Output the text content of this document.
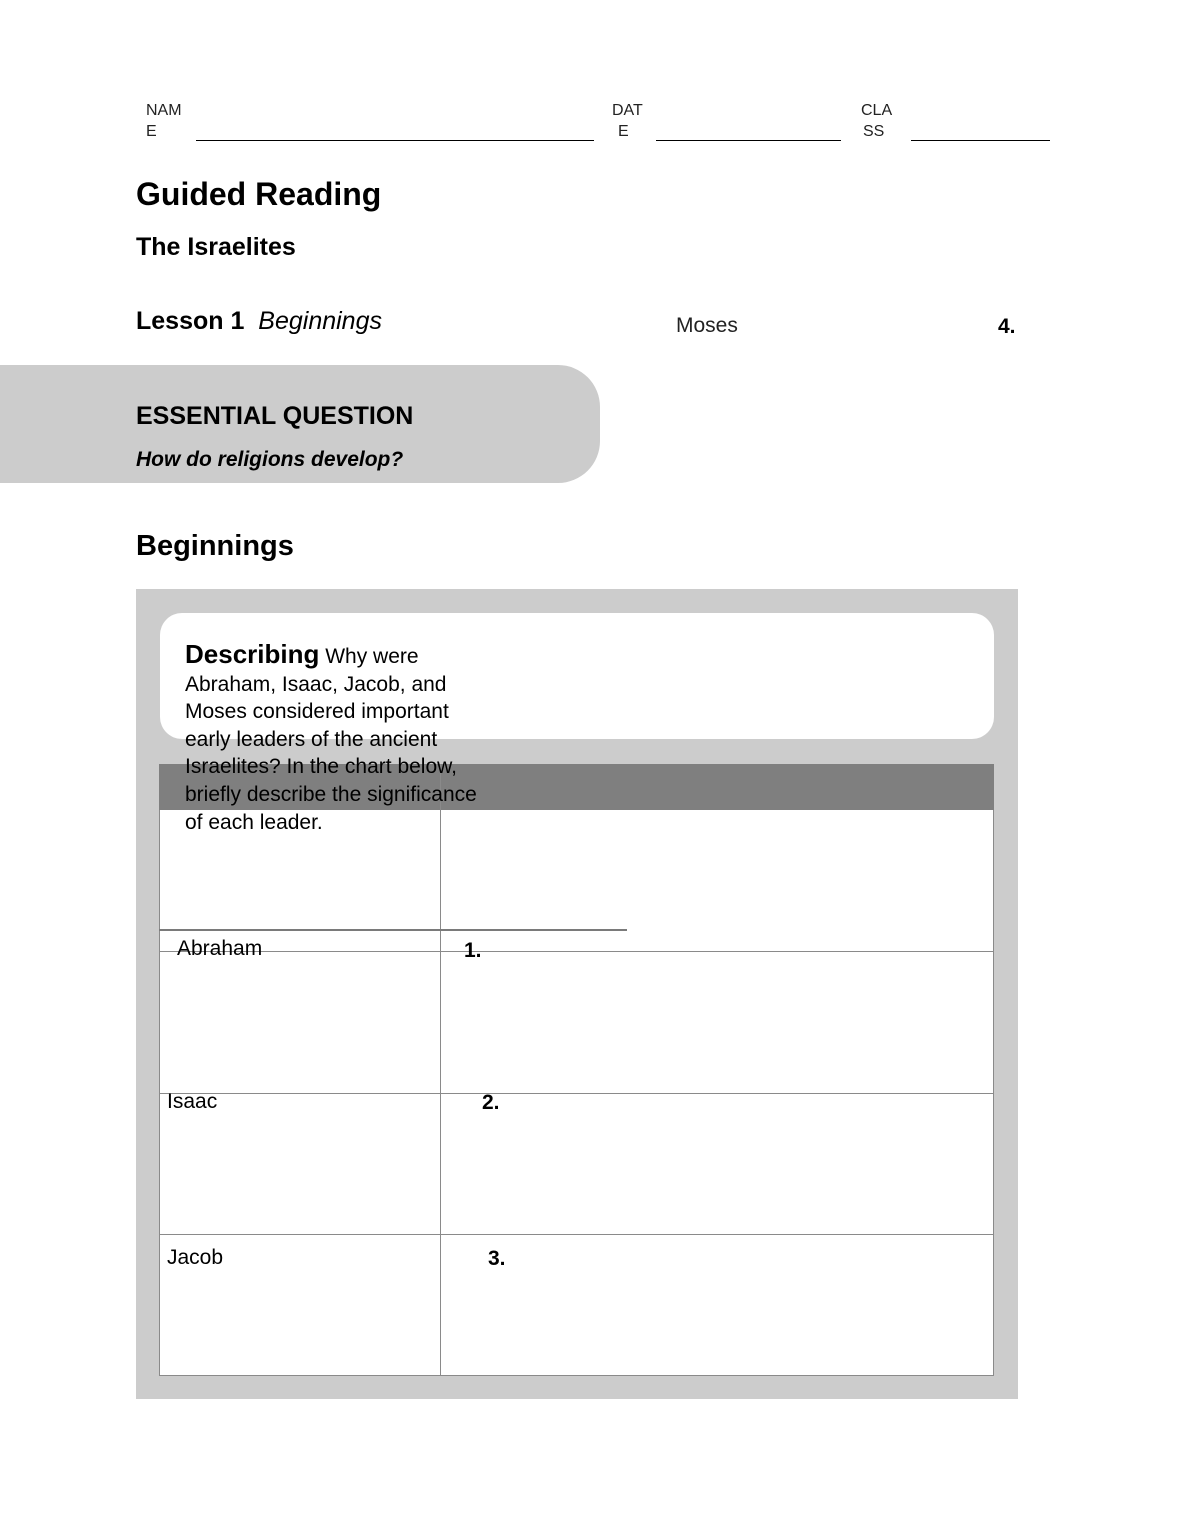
NAM
E
DAT
E
CLA
SS
Guided Reading
The Israelites
Lesson 1 Beginnings
ESSENTIAL QUESTION
How do religions develop?
Beginnings
Describing Why were Abraham, Isaac, Jacob, and Moses considered important early leaders of the ancient Israelites? In the chart below, briefly describe the significance of each leader.
Abraham	1.
Isaac	2.
Jacob	3.
Moses	4.
